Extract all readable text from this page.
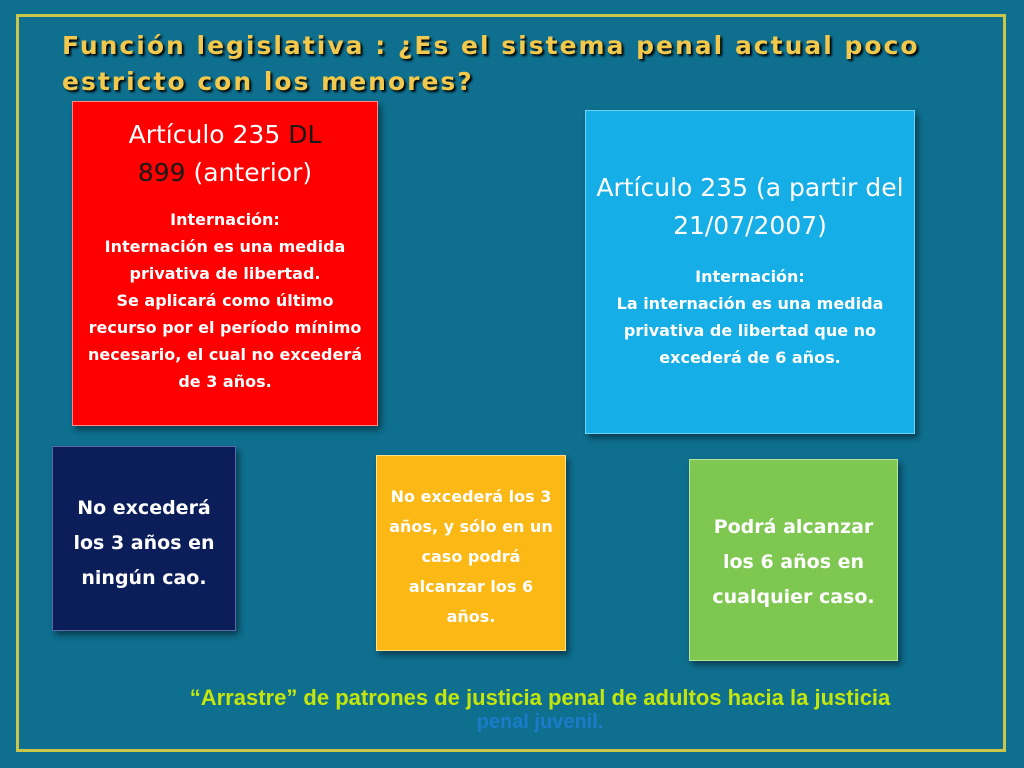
Función legislativa : ¿Es el sistema penal actual poco estricto con los menores?
Artículo 235 DL
899 (anterior)
Internación:
Internación es una medida privativa de libertad.
Se aplicará como último recurso por el período mínimo necesario, el cual no excederá de 3 años.
Artículo 235 (a partir del 21/07/2007)
Internación:
La internación es una medida privativa de libertad que no excederá de 6 años.
No excederá los 3 años en ningún cao.
No excederá los 3 años, y sólo en un caso podrá alcanzar los 6 años.
Podrá alcanzar los 6 años en cualquier caso.
“Arrastre” de patrones de justicia penal de adultos hacia la justicia
penal juvenil.
